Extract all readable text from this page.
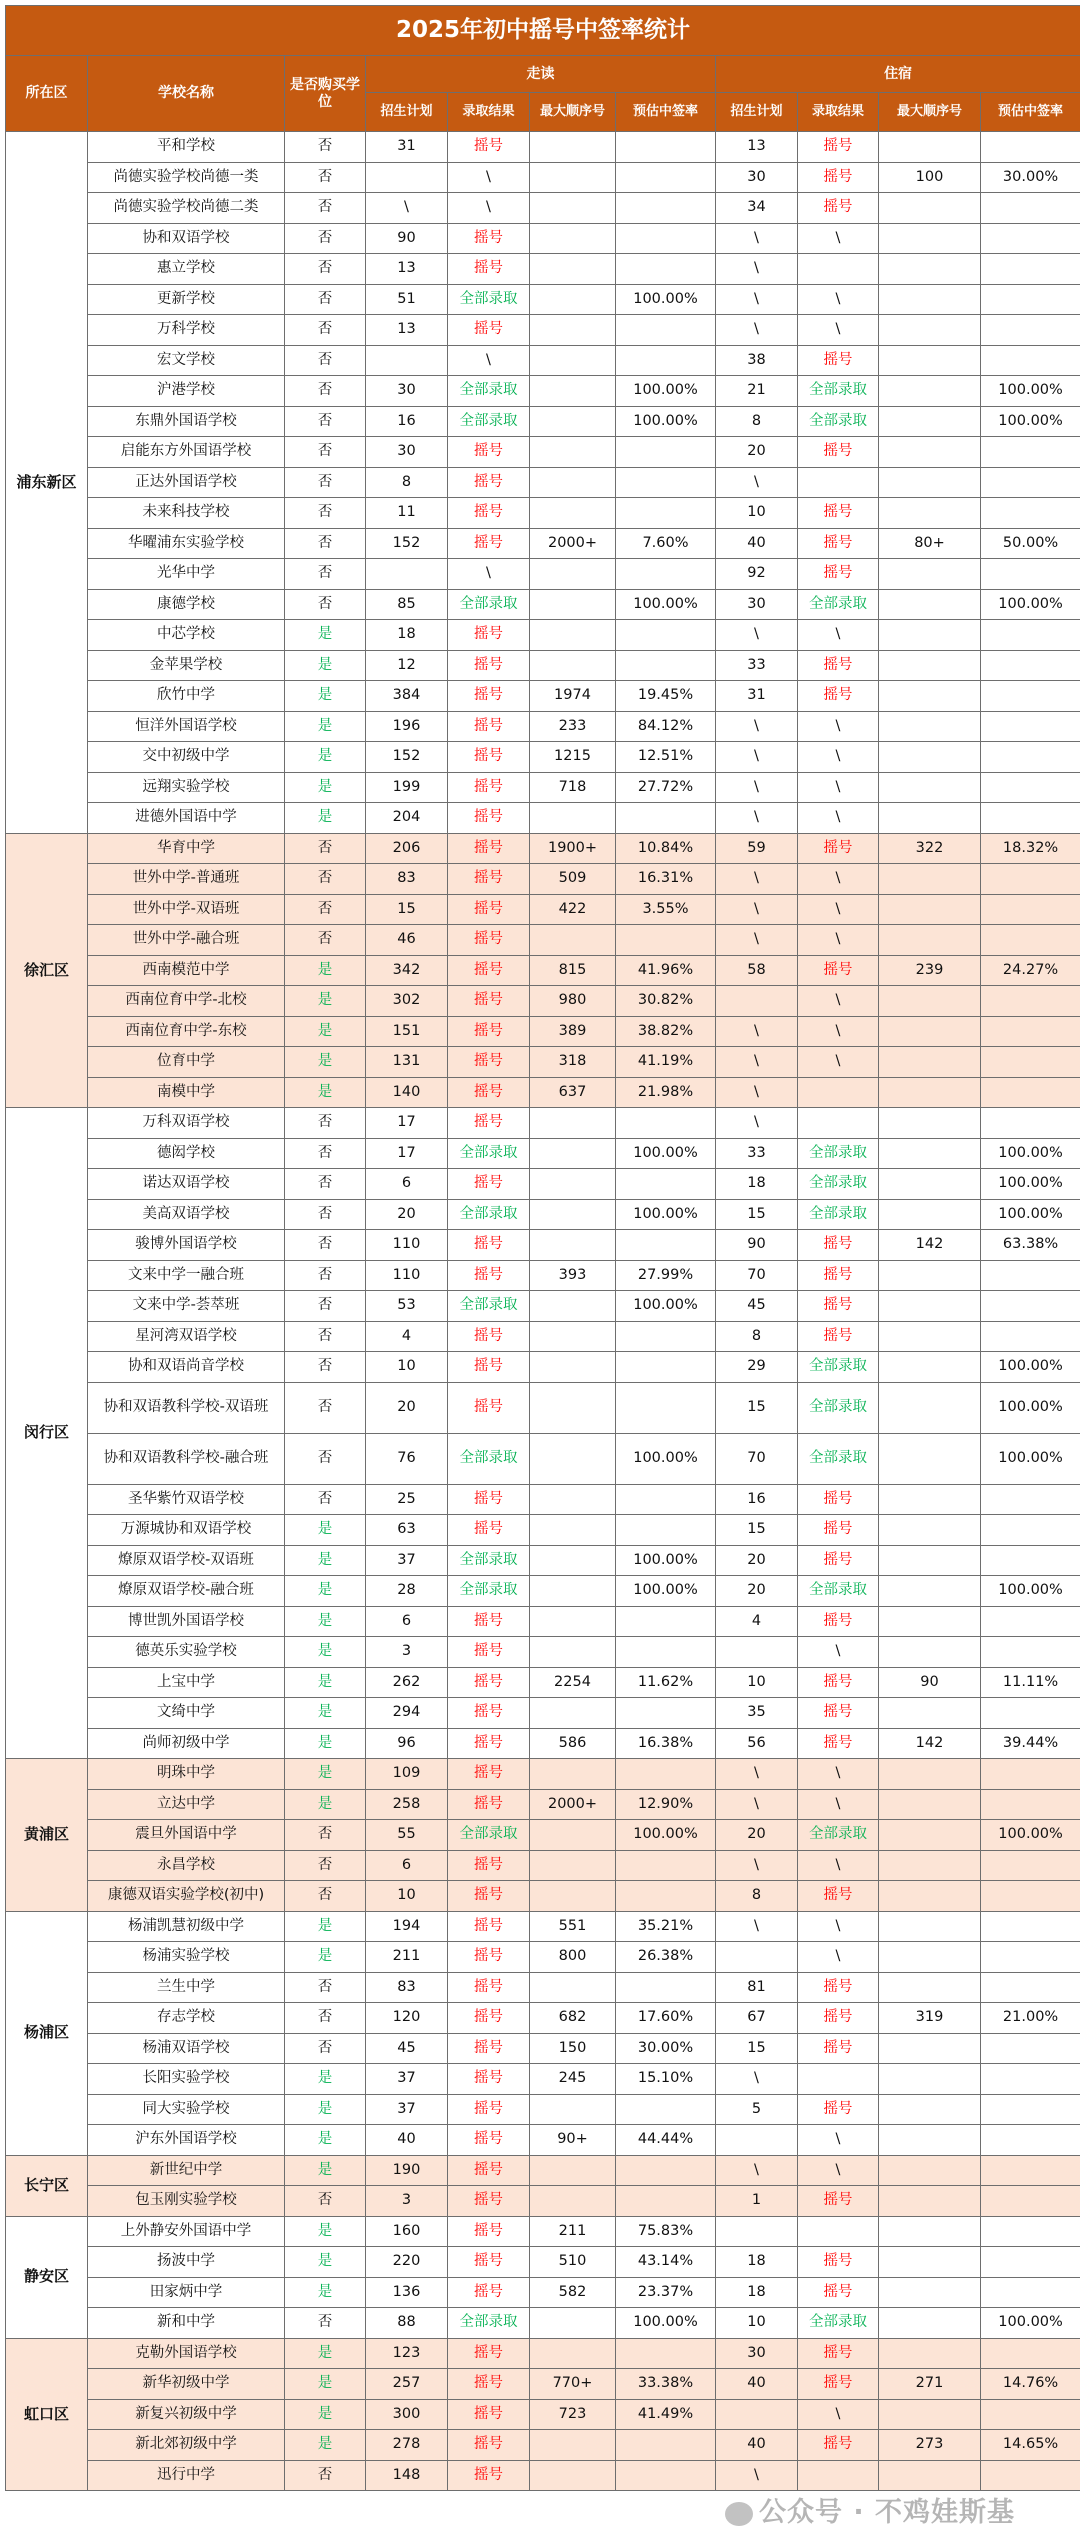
2025年初中摇号中签率统计										
所在区	学校名称	是否购买学位	走读				住宿			
			招生计划	录取结果	最大顺序号	预估中签率	招生计划	录取结果	最大顺序号	预估中签率
浦东新区	平和学校	否	31	摇号			13	摇号		
	尚德实验学校尚德一类	否		\			30	摇号	100	30.00%
	尚德实验学校尚德二类	否	\	\			34	摇号		
	协和双语学校	否	90	摇号			\	\		
	惠立学校	否	13	摇号			\			
	更新学校	否	51	全部录取		100.00%	\	\		
	万科学校	否	13	摇号			\	\		
	宏文学校	否		\			38	摇号		
	沪港学校	否	30	全部录取		100.00%	21	全部录取		100.00%
	东鼎外国语学校	否	16	全部录取		100.00%	8	全部录取		100.00%
	启能东方外国语学校	否	30	摇号			20	摇号		
	正达外国语学校	否	8	摇号			\			
	未来科技学校	否	11	摇号			10	摇号		
	华曜浦东实验学校	否	152	摇号	2000+	7.60%	40	摇号	80+	50.00%
	光华中学	否		\			92	摇号		
	康德学校	否	85	全部录取		100.00%	30	全部录取		100.00%
	中芯学校	是	18	摇号			\	\		
	金苹果学校	是	12	摇号			33	摇号		
	欣竹中学	是	384	摇号	1974	19.45%	31	摇号		
	恒洋外国语学校	是	196	摇号	233	84.12%	\	\		
	交中初级中学	是	152	摇号	1215	12.51%	\	\		
	远翔实验学校	是	199	摇号	718	27.72%	\	\		
	进德外国语中学	是	204	摇号			\	\		
徐汇区	华育中学	否	206	摇号	1900+	10.84%	59	摇号	322	18.32%
	世外中学-普通班	否	83	摇号	509	16.31%	\	\		
	世外中学-双语班	否	15	摇号	422	3.55%	\	\		
	世外中学-融合班	否	46	摇号			\	\		
	西南模范中学	是	342	摇号	815	41.96%	58	摇号	239	24.27%
	西南位育中学-北校	是	302	摇号	980	30.82%		\		
	西南位育中学-东校	是	151	摇号	389	38.82%	\	\		
	位育中学	是	131	摇号	318	41.19%	\	\		
	南模中学	是	140	摇号	637	21.98%	\			
闵行区	万科双语学校	否	17	摇号			\			
	德闳学校	否	17	全部录取		100.00%	33	全部录取		100.00%
	诺达双语学校	否	6	摇号			18	全部录取		100.00%
	美高双语学校	否	20	全部录取		100.00%	15	全部录取		100.00%
	骏博外国语学校	否	110	摇号			90	摇号	142	63.38%
	文来中学一融合班	否	110	摇号	393	27.99%	70	摇号		
	文来中学-荟萃班	否	53	全部录取		100.00%	45	摇号		
	星河湾双语学校	否	4	摇号			8	摇号		
	协和双语尚音学校	否	10	摇号			29	全部录取		100.00%
	协和双语教科学校-双语班	否	20	摇号			15	全部录取		100.00%
	协和双语教科学校-融合班	否	76	全部录取		100.00%	70	全部录取		100.00%
	圣华紫竹双语学校	否	25	摇号			16	摇号		
	万源城协和双语学校	是	63	摇号			15	摇号		
	燎原双语学校-双语班	是	37	全部录取		100.00%	20	摇号		
	燎原双语学校-融合班	是	28	全部录取		100.00%	20	全部录取		100.00%
	博世凯外国语学校	是	6	摇号			4	摇号		
	德英乐实验学校	是	3	摇号				\		
	上宝中学	是	262	摇号	2254	11.62%	10	摇号	90	11.11%
	文绮中学	是	294	摇号			35	摇号		
	尚师初级中学	是	96	摇号	586	16.38%	56	摇号	142	39.44%
黄浦区	明珠中学	是	109	摇号			\	\		
	立达中学	是	258	摇号	2000+	12.90%	\	\		
	震旦外国语中学	否	55	全部录取		100.00%	20	全部录取		100.00%
	永昌学校	否	6	摇号			\	\		
	康德双语实验学校(初中)	否	10	摇号			8	摇号		
杨浦区	杨浦凯慧初级中学	是	194	摇号	551	35.21%	\	\		
	杨浦实验学校	是	211	摇号	800	26.38%		\		
	兰生中学	否	83	摇号			81	摇号		
	存志学校	否	120	摇号	682	17.60%	67	摇号	319	21.00%
	杨浦双语学校	否	45	摇号	150	30.00%	15	摇号		
	长阳实验学校	是	37	摇号	245	15.10%	\			
	同大实验学校	是	37	摇号			5	摇号		
	沪东外国语学校	是	40	摇号	90+	44.44%		\		
长宁区	新世纪中学	是	190	摇号			\	\		
	包玉刚实验学校	否	3	摇号			1	摇号		
静安区	上外静安外国语中学	是	160	摇号	211	75.83%				
	扬波中学	是	220	摇号	510	43.14%	18	摇号		
	田家炳中学	是	136	摇号	582	23.37%	18	摇号		
	新和中学	否	88	全部录取		100.00%	10	全部录取		100.00%
虹口区	克勒外国语学校	是	123	摇号			30	摇号		
	新华初级中学	是	257	摇号	770+	33.38%	40	摇号	271	14.76%
	新复兴初级中学	是	300	摇号	723	41.49%		\		
	新北郊初级中学	是	278	摇号			40	摇号	273	14.65%
	迅行中学	否	148	摇号			\			
公众号 · 不鸡娃斯基
